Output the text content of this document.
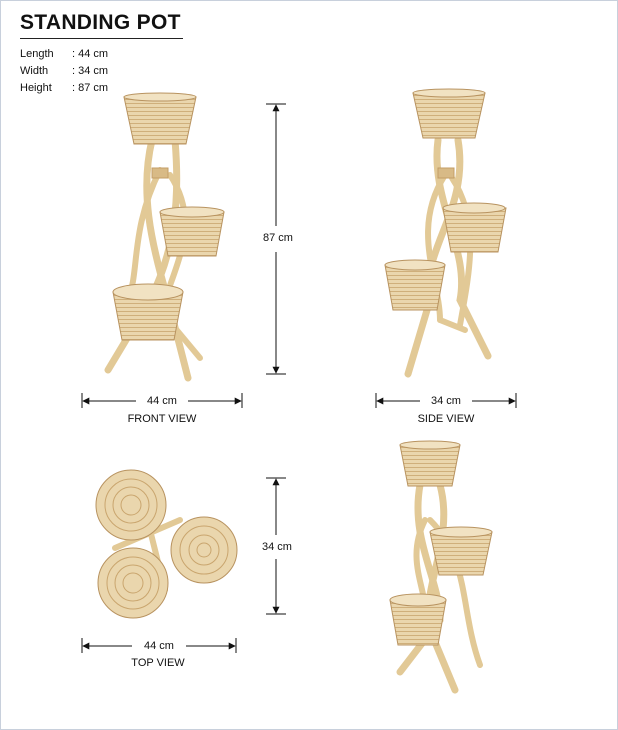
STANDING POT
Length : 44 cm
Width : 34 cm
Height : 87 cm
87 cm
44 cm
FRONT VIEW
34 cm
SIDE VIEW
34 cm
44 cm
TOP VIEW
